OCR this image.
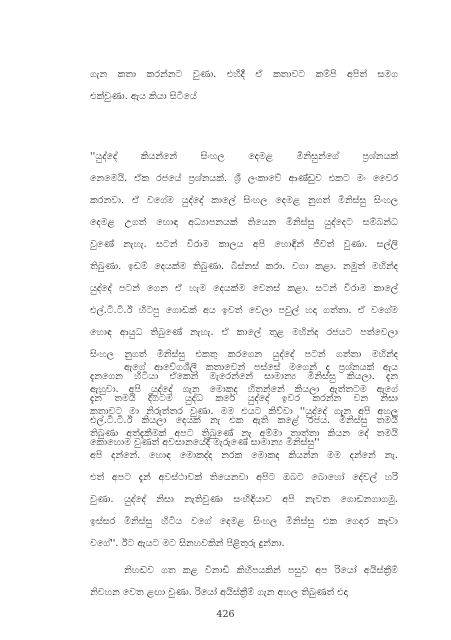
ගැන කතා කරන්නට වුණා. එහිදී ඒ කතාවට කම්පි අපිත් සමග
එක්වුණා. ඇය කියා සිටියේ
''යුද්දේ කියන්නේ සිංහල දෙමළ මිනිසුන්ගේ ප්‍රශ්නයක්
නෙමෙයි. ඒක රජයේ ප්‍රශ්නයක්. ශ්‍රී ලංකාවේ ආණ්ඩුව එකට මං වෛර
කරනවා. ඒ වගේම යුද්දේ කාලේ සිංහල දෙමළ නුගත් මිනිස්සු සිංහල
දෙමළ උගත් හොඳ අධ්‍යාපනයක් තියෙන මිනිස්සු යුද්දෙට සම්බන්ධ
වුණේ නැහැ. සටන් විරාම කාලය අපි හොඳින් ජීවත් වුණා. සල්ලි
තිබුණා. ඉඩම් දෙයක්ම තිබුණා. බිස්නස් කරා. වගා කළා. නමුත් මහින්ද
යුද්දේ පටන් ගෙන ඒ හැම දෙයක්ම වෙනස් කළා. සටන් විරාම කාලේ
එල්.ටී.ටී.ඊ හිටපු ගොඩක් අය ඉවත් වෙලා පවුල් හදා ගත්තා. ඒ වගේම
හොඳ ආයුධ තිබුණේ නැහැ. ඒ කාලේ තුළ මහින්ද රජයට පත්වෙලා
සිංහල නුගත් මිනිස්සු එකතු කරගෙන යුද්දේ පටන් ගත්තා මහින්ද
දැනගෙන හිටියා ඒකෙන් මැරෙන්නේ සාමාන්‍ය මිනිස්සු කියලා. දැන
දැන තමයි දිගටම යුද්ධ කරේ යුද්දේ ඉවර කරන්න වන නිසා
එල්.ටී.ටී.ඊ කියලා දෙයක් නැ එක ඇති කළේ රජය. මිනිස්සු තමයි
කොහොම වුණත් අවසානයේදී මැරුණේ සාමාන්‍ය මිනිස්සු''
ඇගේ ආවේගශීලී කතාවෙන් පස්සේ මගෙන් ද ප්‍රශ්නයක් ඇය
ඇහුවා. අපි යුද්දේ ගැන මොකද හිතන්නේ කියලා ඇත්තටම ඇගේ
කතාවට මා නිරුත්තර වුණා. මම එයට කිව්වා ''යුද්දේ ගැන අපි අහල
තිබුණා අත්දැකීමක් අපට තිබුණේ නැ අම්මා තාත්තා කියන දේ තමයි
අපි දන්නේ. හොඳ මොකද්ද නරක මොකද කියන්න මම දන්නේ නැ.
එත් අපට දැන් අවස්ථාවක් තියෙනවා අපිට ඔබට බොහෝ දේවල් හරි
වුණා. යුද්දේ නිසා නැතිවුණා සංහිඳියාව අපි නැවත ගොඩනගාගමු.
ඉස්සර මිනිස්සු හිටිය වගේ දෙමළ සිංහල මිනිස්සු එක ගෙදර කෑවා
වගේ''. ඊට ඇයට මට සිනහවකින් පිළිතුරු දුන්නා.
නිහඬව ගත කළ විනාඩි කිහිපයකින් පසුව අප රියෝ අයිස්ක්‍රීම්
නිවහන වෙත ළඟා වුණා. රියෝ අයිස්ක්‍රීම් ගැන අහල තිබුණත් එදා
426
